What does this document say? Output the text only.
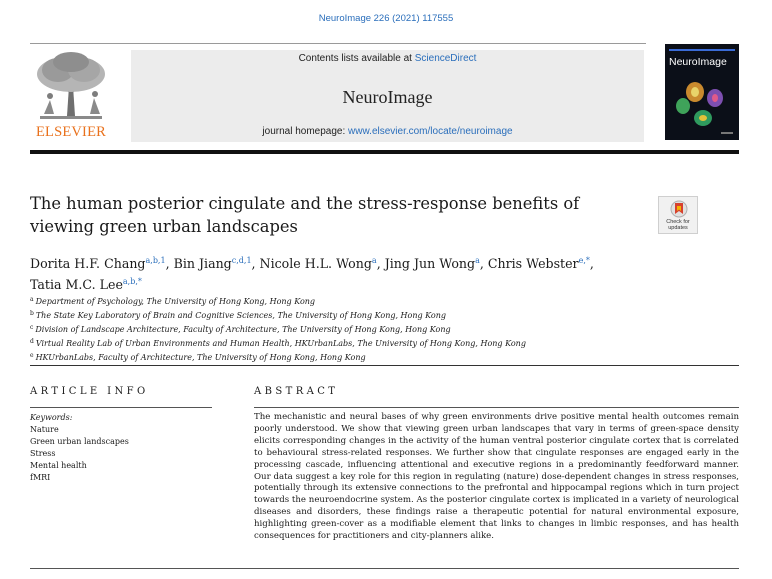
NeuroImage 226 (2021) 117555
ELSEVIER
Contents lists available at ScienceDirect
NeuroImage
journal homepage: www.elsevier.com/locate/neuroimage
NeuroImage
The human posterior cingulate and the stress-response benefits of viewing green urban landscapes	Check for
updates
Dorita H.F. Chang$^{a,b,1}$, Bin Jiang$^{c,d,1}$, Nicole H.L. Wong$^a$, Jing Jun Wong$^a$, Chris Webster$^{e,*}$,
Tatia M.C. Lee$^{a,b,*}$
$^a$ Department of Psychology, The University of Hong Kong, Hong Kong
$^b$ The State Key Laboratory of Brain and Cognitive Sciences, The University of Hong Kong, Hong Kong
$^c$ Division of Landscape Architecture, Faculty of Architecture, The University of Hong Kong, Hong Kong
$^d$ Virtual Reality Lab of Urban Environments and Human Health, HKUrbanLabs, The University of Hong Kong, Hong Kong
$^e$ HKUrbanLabs, Faculty of Architecture, The University of Hong Kong, Hong Kong
ARTICLE INFO	ABSTRACT
Keywords:
Nature
Green urban landscapes
Stress
Mental health
fMRI
The mechanistic and neural bases of why green environments drive positive mental health outcomes remain poorly understood. We show that viewing green urban landscapes that vary in terms of green-space density elicits corresponding changes in the activity of the human ventral posterior cingulate cortex that is correlated to behavioural stress-related responses. We further show that cingulate responses are engaged early in the processing cascade, influencing attentional and executive regions in a predominantly feedforward manner. Our data suggest a key role for this region in regulating (nature) dose-dependent changes in stress responses, potentially through its extensive connections to the prefrontal and hippocampal regions which in turn project towards the neuroendocrine system. As the posterior cingulate cortex is implicated in a variety of neurological diseases and disorders, these findings raise a therapeutic potential for natural environmental exposure, highlighting green-cover as a modifiable element that links to changes in limbic responses, and has health consequences for practitioners and city-planners alike.
